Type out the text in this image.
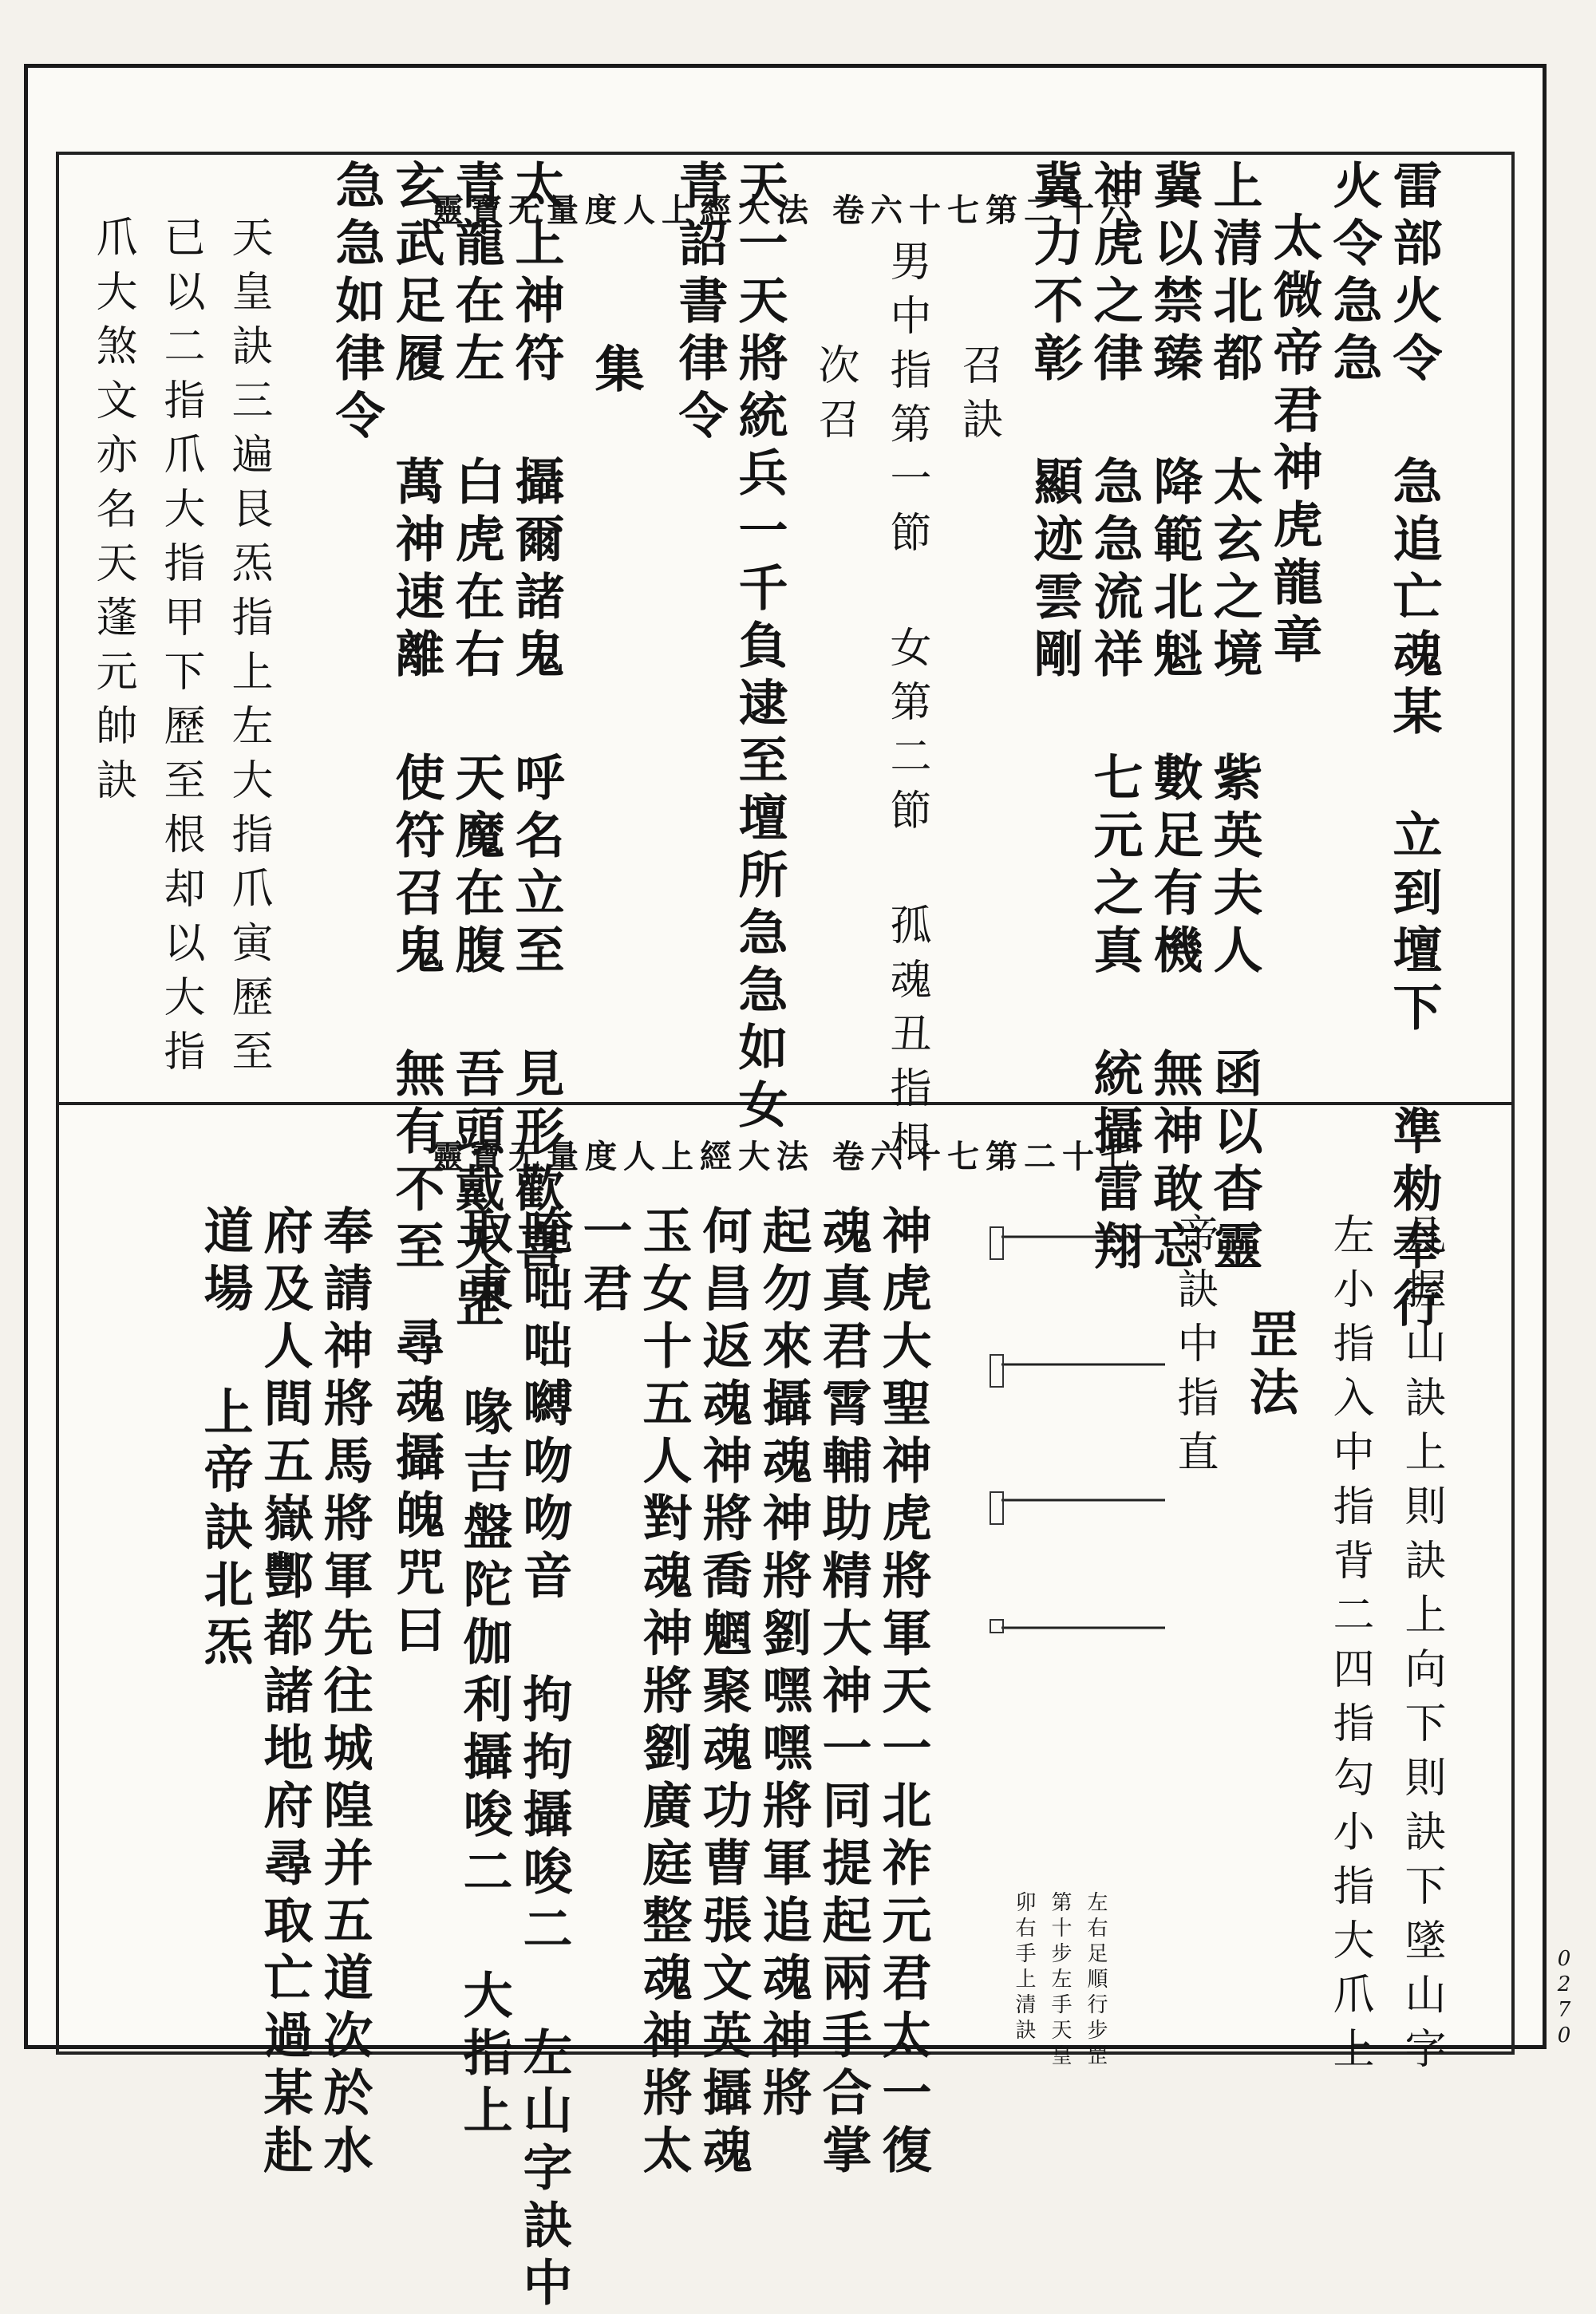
靈寶无量度人上經大法 卷六十七第二十六
靈寶无量度人上經大法 卷六十七第二十七
0270
雷部火令 急追亡魂某 立到壇下 準勑奉行
火令急急
太微帝君神虎龍章
上清北都 太玄之境 紫英夫人 函以杳靈
冀以禁臻 降範北魁 數足有機 無神敢忘
神虎之律 急急流祥 七元之真 統攝雷翔
冀力不彰 顯迹雲剛
召訣
男中指第一節 女第二節 孤魂丑指根
次召
天一天將統兵一千負逮至壇所急急如女
青詔書律令
集
太上神符 攝爾諸鬼 呼名立至 見形歡喜
青龍在左 白虎在右 天魔在腹 吾頭戴天罡
玄武足履 萬神速離 使符召鬼 無有不至
急急如律令
天皇訣三遍艮炁指上左大指爪寅歷至
已以二指爪大指甲下歷至根却以大指
爪大煞文亦名天蓬元帥訣
凡握山訣上則訣上向下則訣下墜山字
左小指入中指背二四指勾小指大爪上
罡法
帝訣中指直
左右足順行步罡
第十步左手天皇
卯右手上清訣
神虎大聖神虎將軍天一北祚元君太一復
魂真君霄輔助精大神一同提起兩手合掌
起勿來攝魂神將劉嘿嘿將軍追魂神將
何昌返魂神將喬魍聚魂功曹張文英攝魂
玉女十五人對魂神將劉廣庭整魂神將太
一君
唵咄咄嚩吻吻音 拘拘攝唆二 左山字訣中
取東 喙吉盤陀伽利攝唆二 大指上
尋魂攝魄咒曰
奉請神將馬將軍先往城隍并五道次於水
府及人間五嶽酆都諸地府尋取亡過某赴
道場 上帝訣北炁
